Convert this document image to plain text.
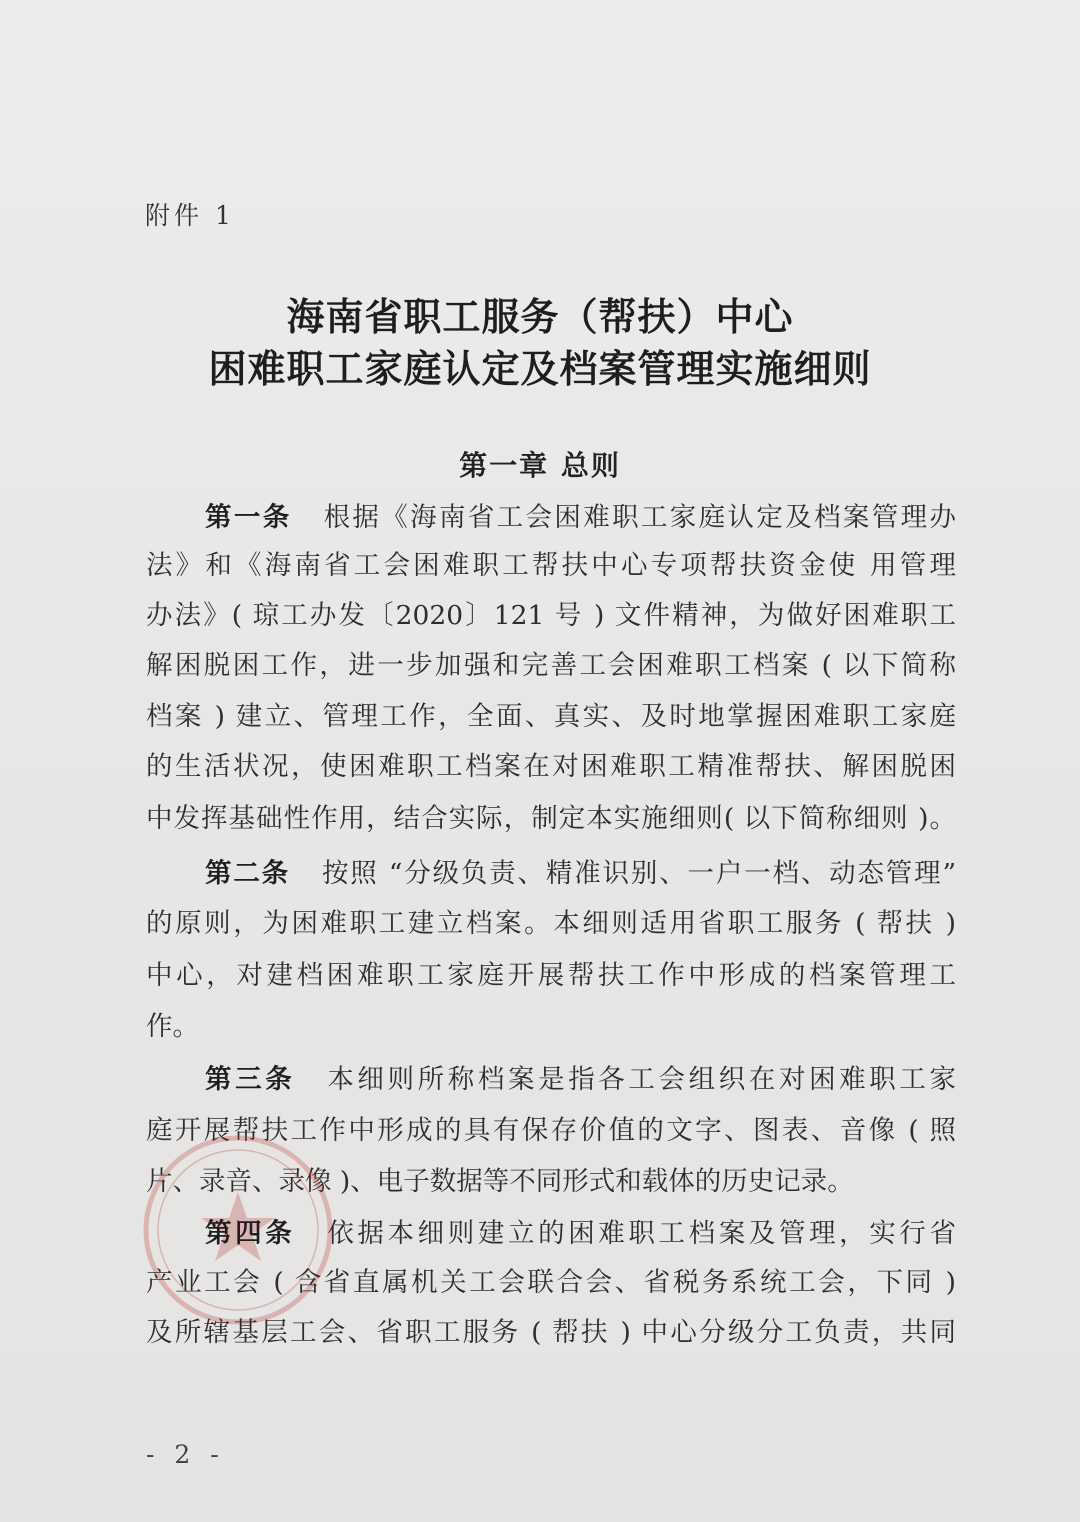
附件 1
海南省职工服务（帮扶）中心
困难职工家庭认定及档案管理实施细则
第一章 总则
第一条 根据《海南省工会困难职工家庭认定及档案管理办
法》和《海南省工会困难职工帮扶中心专项帮扶资金使 用管理
办法》( 琼工办发〔2020〕121 号 ) 文件精神，为做好困难职工
解困脱困工作，进一步加强和完善工会困难职工档案 ( 以下简称
档案 ) 建立、管理工作，全面、真实、及时地掌握困难职工家庭
的生活状况，使困难职工档案在对困难职工精准帮扶、解困脱困
中发挥基础性作用，结合实际，制定本实施细则( 以下简称细则 )。
第二条 按照 “分级负责、精准识别、一户一档、动态管理”
的原则，为困难职工建立档案。本细则适用省职工服务 ( 帮扶 )
中心，对建档困难职工家庭开展帮扶工作中形成的档案管理工
作。
第三条 本细则所称档案是指各工会组织在对困难职工家
庭开展帮扶工作中形成的具有保存价值的文字、图表、音像 ( 照
片、录音、录像 )、电子数据等不同形式和载体的历史记录。
第四条 依据本细则建立的困难职工档案及管理，实行省
产业工会 ( 含省直属机关工会联合会、省税务系统工会，下同 )
及所辖基层工会、省职工服务 ( 帮扶 ) 中心分级分工负责，共同
- 2 -
